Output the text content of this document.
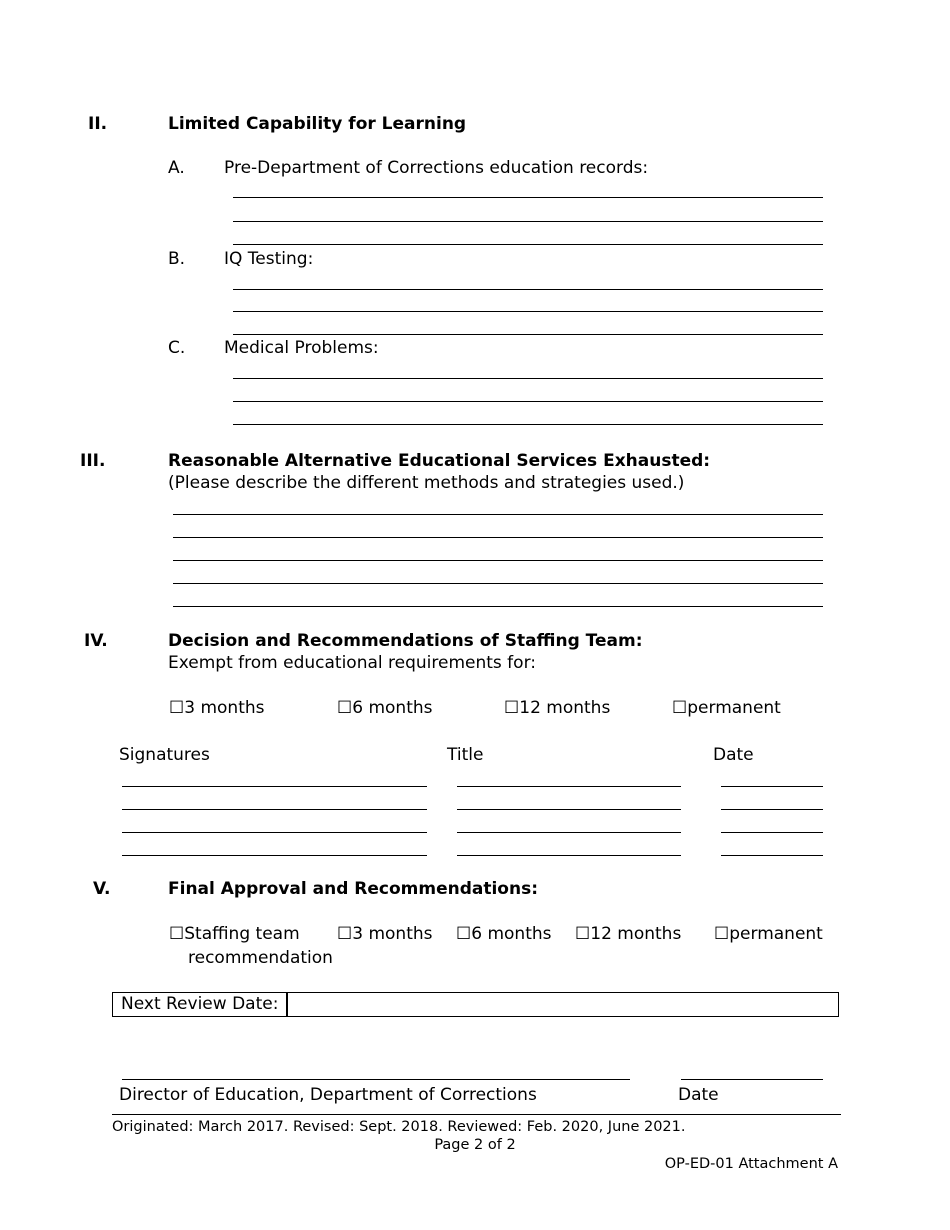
II.	Limited Capability for Learning
A. Pre-Department of Corrections education records:
B. IQ Testing:
C. Medical Problems:
III.	Reasonable Alternative Educational Services Exhausted:
(Please describe the different methods and strategies used.)
IV.	Decision and Recommendations of Staffing Team:
Exempt from educational requirements for:
☐3 months	☐6 months	☐12 months	☐permanent
Signatures	Title	Date
V.	Final Approval and Recommendations:
☐Staffing team
recommendation
☐3 months ☐6 months ☐12 months ☐permanent
Next Review Date:
Director of Education, Department of Corrections	Date
Originated: March 2017. Revised: Sept. 2018. Reviewed: Feb. 2020, June 2021.
Page 2 of 2
OP-ED-01 Attachment A
